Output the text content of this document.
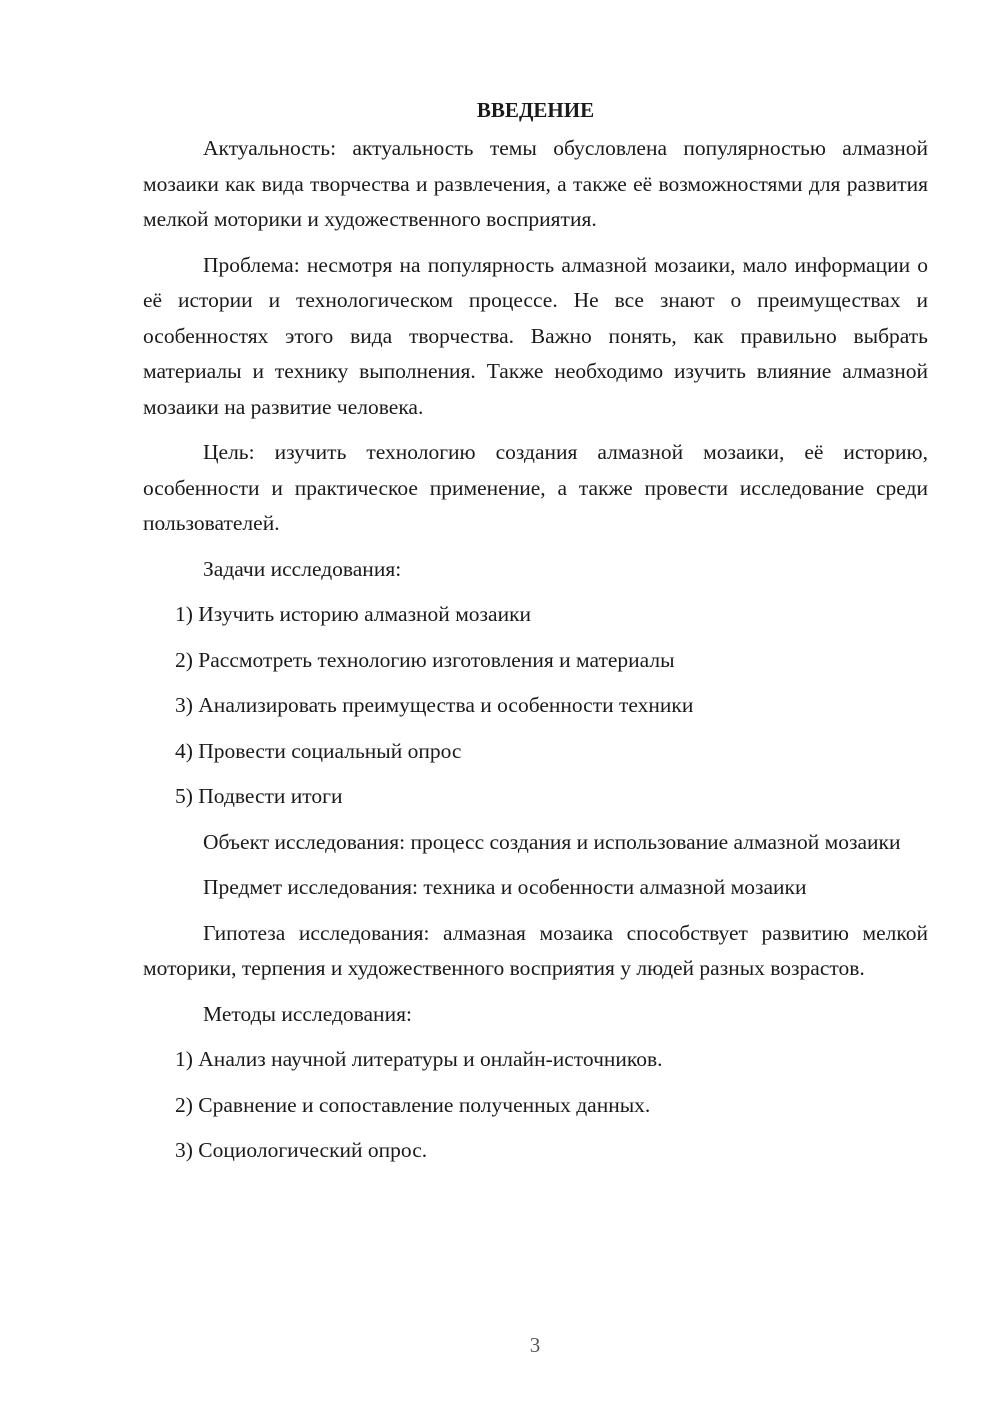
ВВЕДЕНИЕ

Актуальность: актуальность темы обусловлена популярностью алмазной мозаики как вида творчества и развлечения, а также её возможностями для развития мелкой моторики и художественного восприятия.

Проблема: несмотря на популярность алмазной мозаики, мало информации о её истории и технологическом процессе. Не все знают о преимуществах и особенностях этого вида творчества. Важно понять, как правильно выбрать материалы и технику выполнения. Также необходимо изучить влияние алмазной мозаики на развитие человека.

Цель: изучить технологию создания алмазной мозаики, её историю, особенности и практическое применение, а также провести исследование среди пользователей.

Задачи исследования:

1) Изучить историю алмазной мозаики

2) Рассмотреть технологию изготовления и материалы

3) Анализировать преимущества и особенности техники

4) Провести социальный опрос

5) Подвести итоги

Объект исследования: процесс создания и использование алмазной мозаики

Предмет исследования: техника и особенности алмазной мозаики

Гипотеза исследования: алмазная мозаика способствует развитию мелкой моторики, терпения и художественного восприятия у людей разных возрастов.

Методы исследования:

1) Анализ научной литературы и онлайн-источников.

2) Сравнение и сопоставление полученных данных.

3) Социологический опрос.

3
